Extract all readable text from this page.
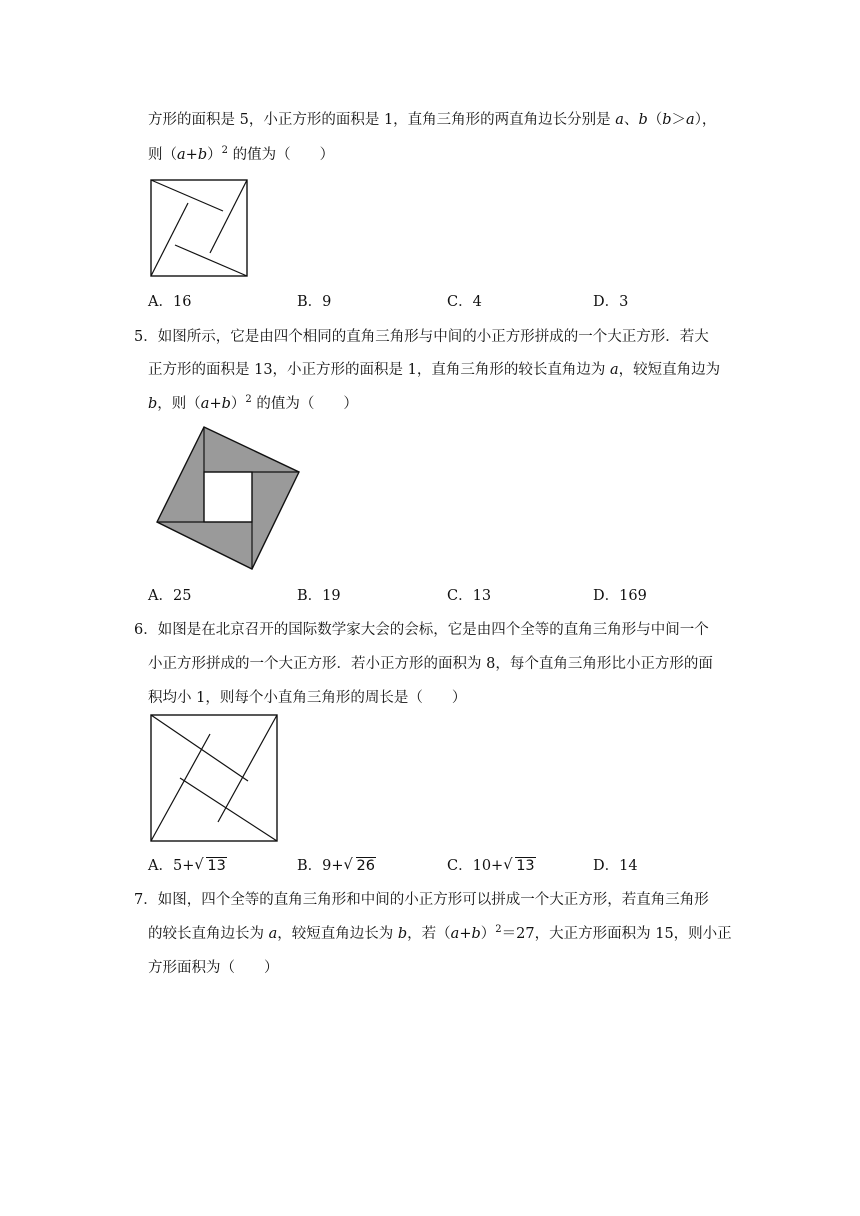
方形的面积是 5，小正方形的面积是 1，直角三角形的两直角边长分别是 a、b（b＞a），
则$(a+b)^2$ 的值为（　　）
A．16	B．9	C．4	D．3
5．如图所示，它是由四个相同的直角三角形与中间的小正方形拼成的一个大正方形．若大
正方形的面积是 13，小正方形的面积是 1，直角三角形的较长直角边为 a，较短直角边为
b，则$(a+b)^2$ 的值为（　　）
A．25	B．19	C．13	D．169
6．如图是在北京召开的国际数学家大会的会标，它是由四个全等的直角三角形与中间一个
小正方形拼成的一个大正方形．若小正方形的面积为 8，每个直角三角形比小正方形的面
积均小 1，则每个小直角三角形的周长是（　　）
A．5+ √ 13	B．9+ √ 26	C．10+ √ 13	D．14
7．如图，四个全等的直角三角形和中间的小正方形可以拼成一个大正方形，若直角三角形
的较长直角边长为 a，较短直角边长为 b，若$(a+b)^2=27$，大正方形面积为 15，则小正
方形面积为（　　）
